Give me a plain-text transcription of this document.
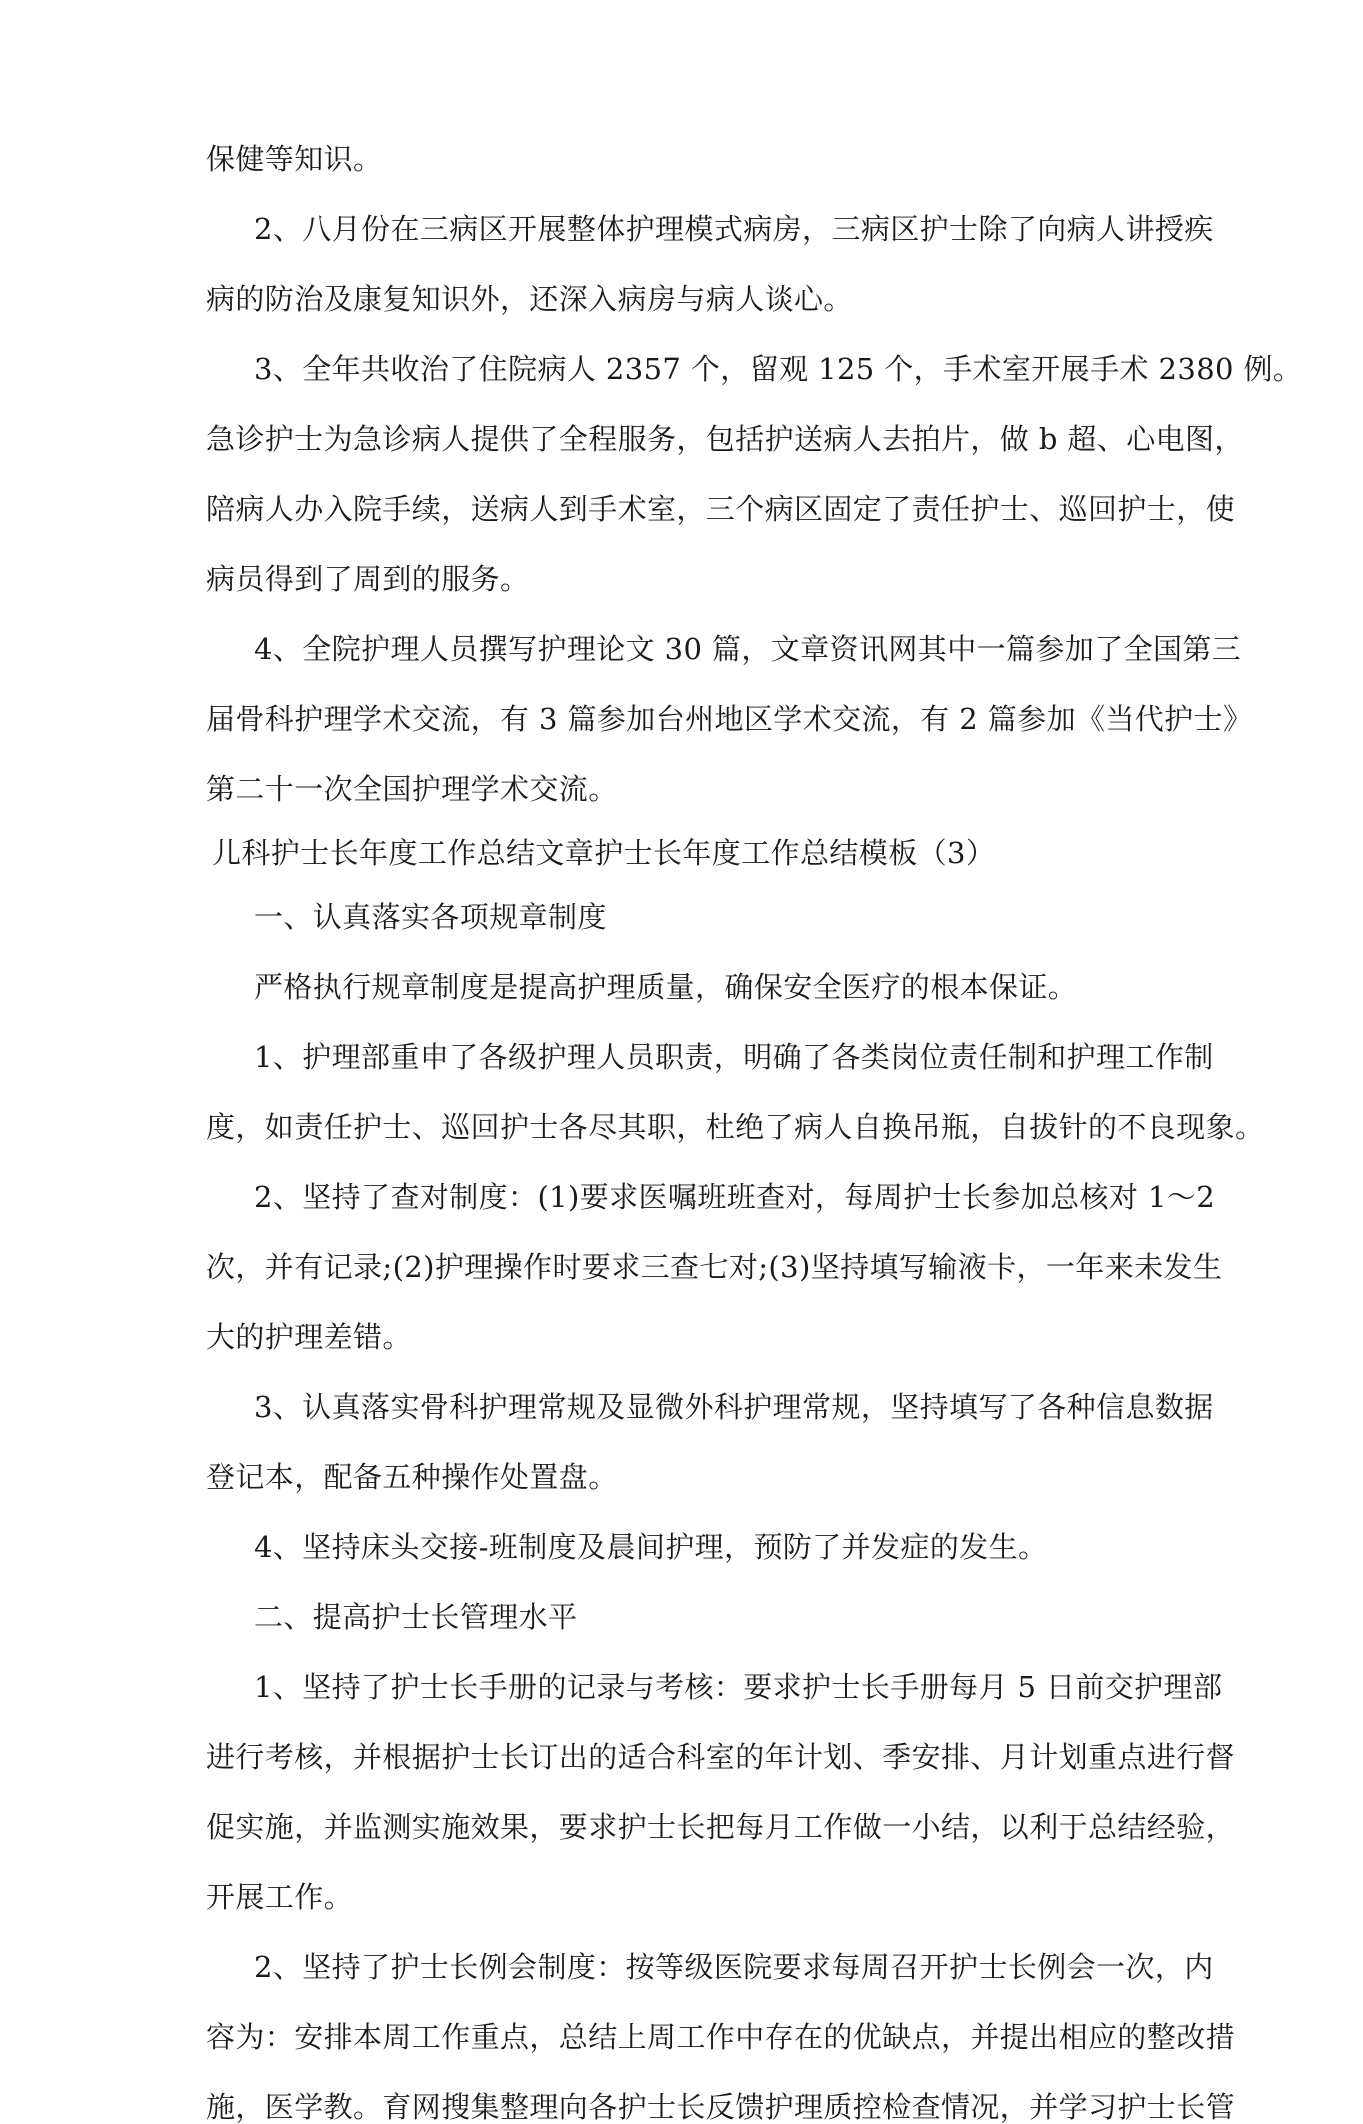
保健等知识。
2、八月份在三病区开展整体护理模式病房，三病区护士除了向病人讲授疾
病的防治及康复知识外，还深入病房与病人谈心。
3、全年共收治了住院病人 2357 个，留观 125 个，手术室开展手术 2380 例。
急诊护士为急诊病人提供了全程服务，包括护送病人去拍片，做 b 超、心电图，
陪病人办入院手续，送病人到手术室，三个病区固定了责任护士、巡回护士，使
病员得到了周到的服务。
4、全院护理人员撰写护理论文 30 篇，文章资讯网其中一篇参加了全国第三
届骨科护理学术交流，有 3 篇参加台州地区学术交流，有 2 篇参加《当代护士》
第二十一次全国护理学术交流。
儿科护士长年度工作总结文章护士长年度工作总结模板（3）
一、认真落实各项规章制度
严格执行规章制度是提高护理质量，确保安全医疗的根本保证。
1、护理部重申了各级护理人员职责，明确了各类岗位责任制和护理工作制
度，如责任护士、巡回护士各尽其职，杜绝了病人自换吊瓶，自拔针的不良现象。
2、坚持了查对制度：(1)要求医嘱班班查对，每周护士长参加总核对 1～2
次，并有记录;(2)护理操作时要求三查七对;(3)坚持填写输液卡，一年来未发生
大的护理差错。
3、认真落实骨科护理常规及显微外科护理常规，坚持填写了各种信息数据
登记本，配备五种操作处置盘。
4、坚持床头交接-班制度及晨间护理，预防了并发症的发生。
二、提高护士长管理水平
1、坚持了护士长手册的记录与考核：要求护士长手册每月 5 日前交护理部
进行考核，并根据护士长订出的适合科室的年计划、季安排、月计划重点进行督
促实施，并监测实施效果，要求护士长把每月工作做一小结，以利于总结经验，
开展工作。
2、坚持了护士长例会制度：按等级医院要求每周召开护士长例会一次，内
容为：安排本周工作重点，总结上周工作中存在的优缺点，并提出相应的整改措
施，医学教。育网搜集整理向各护士长反馈护理质控检查情况，并学习护士长管
